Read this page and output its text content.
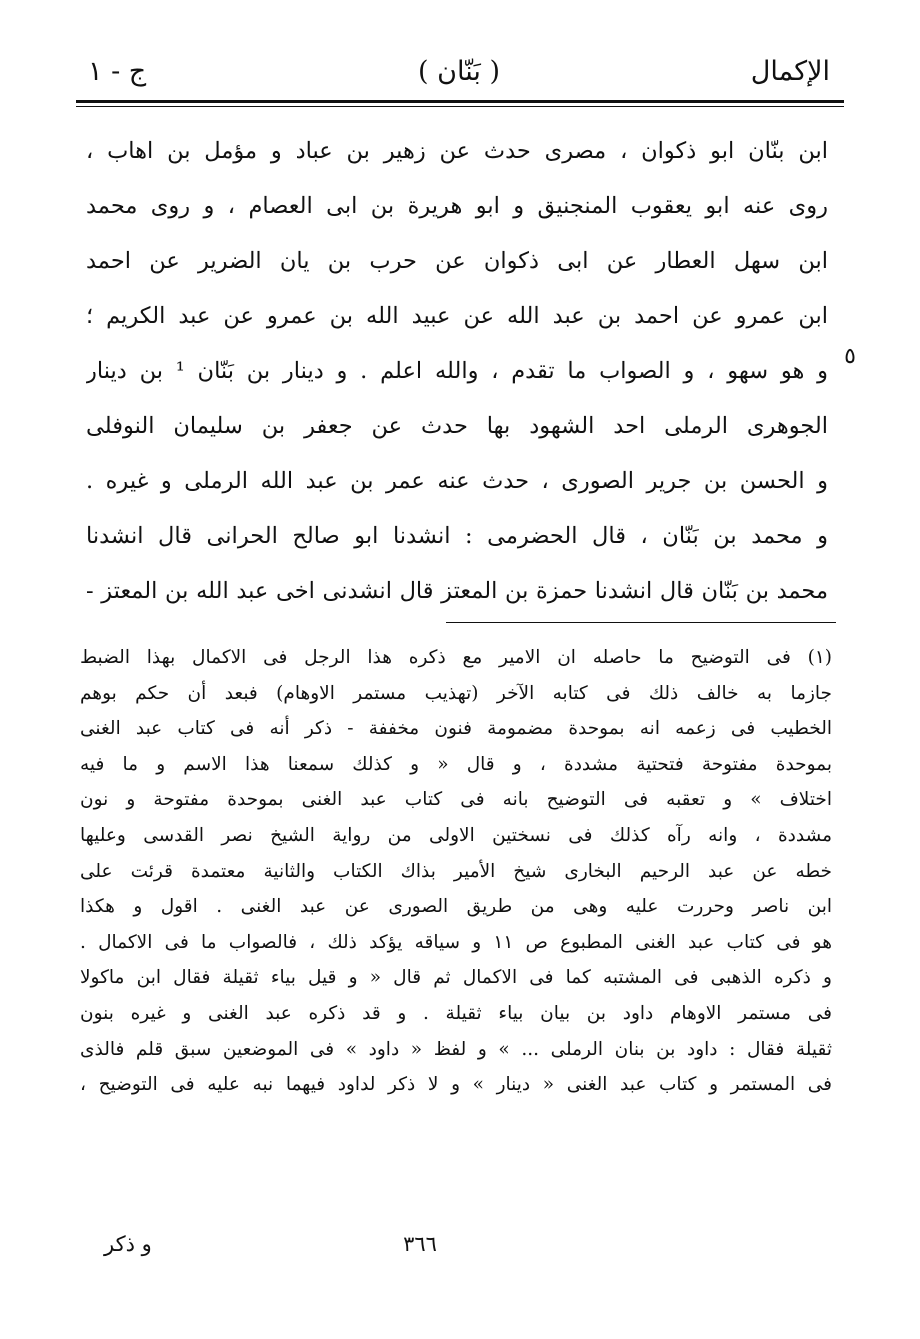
الإكمال
( بَنّان )
ج - ١
ابن بنّان ابو ذكوان ، مصرى حدث عن زهير بن عباد و مؤمل بن اهاب ،
روى عنه ابو يعقوب المنجنيق و ابو هريرة بن ابى العصام ، و روى محمد
ابن سهل العطار عن ابى ذكوان عن حرب بن يان الضرير عن احمد
ابن عمرو عن احمد بن عبد الله عن عبيد الله بن عمرو عن عبد الكريم ؛
٥
و هو سهو ، و الصواب ما تقدم ، والله اعلم . و دينار بن بَنّان ¹ بن دينار
الجوهرى الرملى احد الشهود بها حدث عن جعفر بن سليمان النوفلى
و الحسن بن جرير الصورى ، حدث عنه عمر بن عبد الله الرملى و غيره .
و محمد بن بَنّان ، قال الحضرمى : انشدنا ابو صالح الحرانى قال انشدنا
محمد بن بَنّان قال انشدنا حمزة بن المعتز قال انشدنى اخى عبد الله بن المعتز -
(١) فى التوضيح ما حاصله ان الامير مع ذكره هذا الرجل فى الاكمال بهذا الضبط
جازما به خالف ذلك فى كتابه الآخر (تهذيب مستمر الاوهام) فبعد أن حكم بوهم
الخطيب فى زعمه انه بموحدة مضمومة فنون مخففة - ذكر أنه فى كتاب عبد الغنى
بموحدة مفتوحة فتحتية مشددة ، و قال « و كذلك سمعنا هذا الاسم و ما فيه
اختلاف » و تعقبه فى التوضيح بانه فى كتاب عبد الغنى بموحدة مفتوحة و نون
مشددة ، وانه رآه كذلك فى نسختين الاولى من رواية الشيخ نصر القدسى وعليها
خطه عن عبد الرحيم البخارى شيخ الأمير بذاك الكتاب والثانية معتمدة قرئت على
ابن ناصر وحررت عليه وهى من طريق الصورى عن عبد الغنى . اقول و هكذا
هو فى كتاب عبد الغنى المطبوع ص ١١ و سياقه يؤكد ذلك ، فالصواب ما فى الاكمال .
و ذكره الذهبى فى المشتبه كما فى الاكمال ثم قال « و قيل بياء ثقيلة فقال ابن ماكولا
فى مستمر الاوهام داود بن بيان بياء ثقيلة . و قد ذكره عبد الغنى و غيره بنون
ثقيلة فقال : داود بن بنان الرملى ... » و لفظ « داود » فى الموضعين سبق قلم فالذى
فى المستمر و كتاب عبد الغنى « دينار » و لا ذكر لداود فيهما نبه عليه فى التوضيح ،
٣٦٦
و ذكر
